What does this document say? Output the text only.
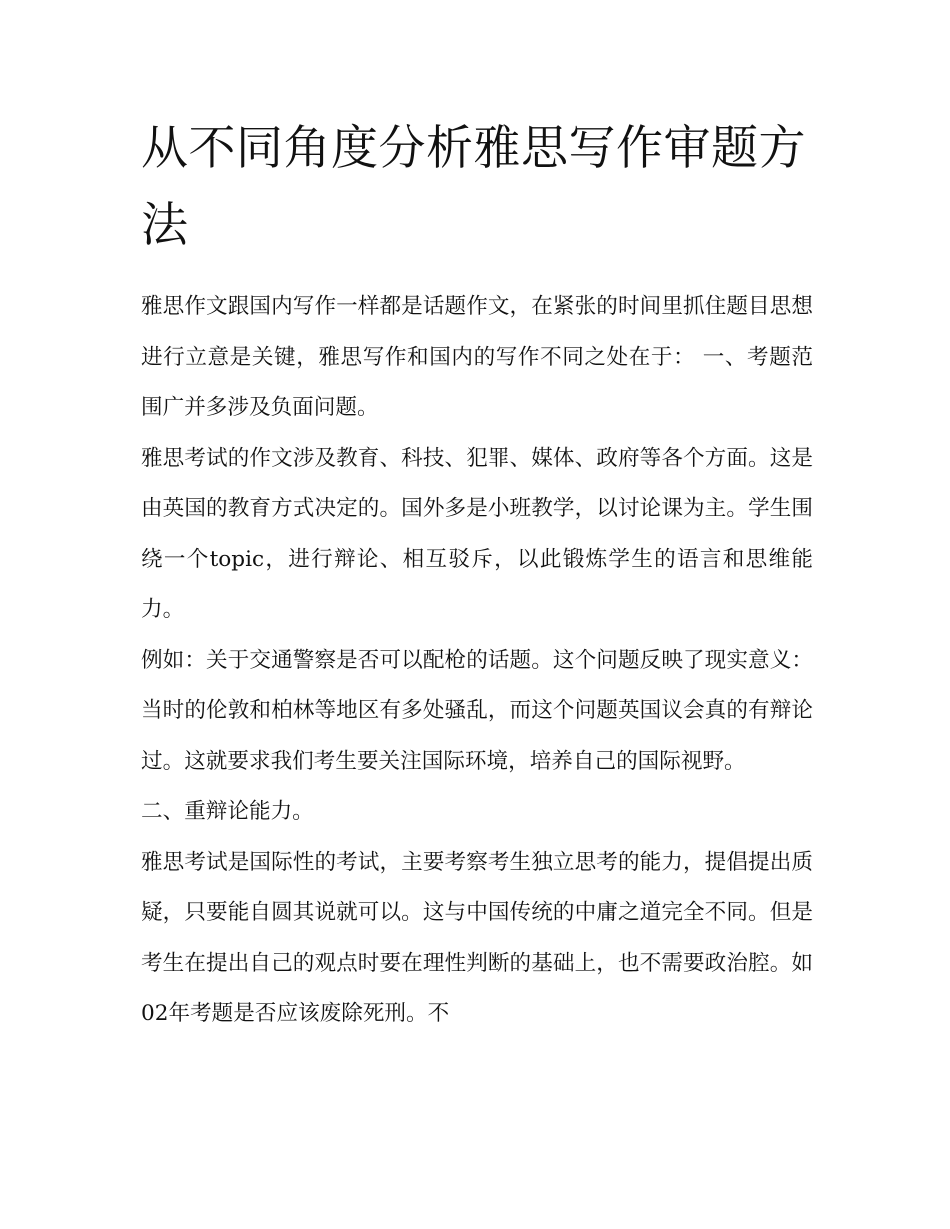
从不同角度分析雅思写作审题方法

雅思作文跟国内写作一样都是话题作文，在紧张的时间里抓住题目思想进行立意是关键，雅思写作和国内的写作不同之处在于： 一、考题范围广并多涉及负面问题。

雅思考试的作文涉及教育、科技、犯罪、媒体、政府等各个方面。这是由英国的教育方式决定的。国外多是小班教学，以讨论课为主。学生围绕一个topic，进行辩论、相互驳斥，以此锻炼学生的语言和思维能力。

例如：关于交通警察是否可以配枪的话题。这个问题反映了现实意义：当时的伦敦和柏林等地区有多处骚乱，而这个问题英国议会真的有辩论过。这就要求我们考生要关注国际环境，培养自己的国际视野。

二、重辩论能力。

雅思考试是国际性的考试，主要考察考生独立思考的能力，提倡提出质疑，只要能自圆其说就可以。这与中国传统的中庸之道完全不同。但是考生在提出自己的观点时要在理性判断的基础上，也不需要政治腔。如02年考题是否应该废除死刑。不
